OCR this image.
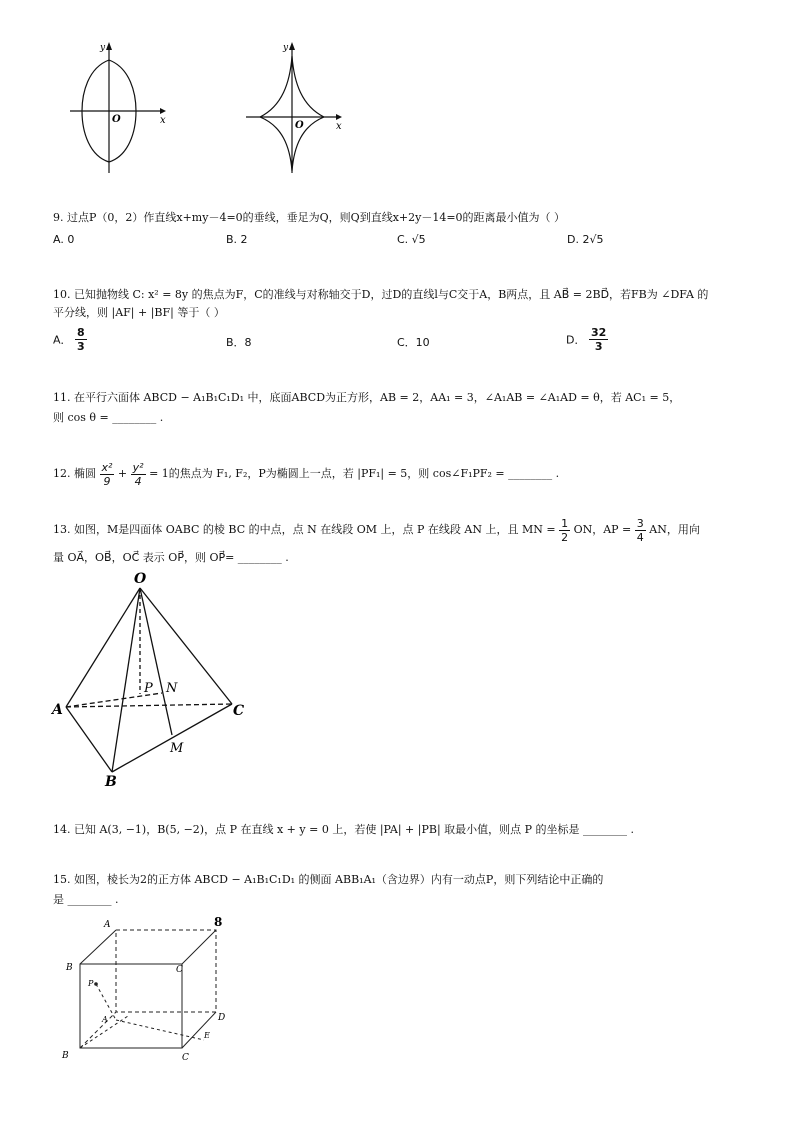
x
y
O
x
y
O
9. 过点P（0，2）作直线x+my－4=0的垂线，垂足为Q，则Q到直线x+2y－14=0的距离最小值为（ ）
A. 0	B. 2	C. √5	D. 2√5
10. 已知抛物线 C: x² = 8y 的焦点为F，C的准线与对称轴交于D，过D的直线l与C交于A，B两点，且 AB⃗ = 2BD⃗，若FB为 ∠DFA 的
平分线，则 |AF| + |BF| 等于（ ）
A． $\frac{8}{3}$	B．8	C．10	D． $\frac{32}{3}$
11. 在平行六面体 ABCD − A₁B₁C₁D₁ 中，底面ABCD为正方形，AB = 2，AA₁ = 3，∠A₁AB = ∠A₁AD = θ，若 AC₁ = 5，
则 cos θ = ________ .
12. 椭圆 $\frac{\text{x²}}{9} + \frac{\text{y²}}{4} = 1$的焦点为 F₁, F₂，P为椭圆上一点，若 |PF₁| = 5，则 cos∠F₁PF₂ = ________ .
13. 如图，M是四面体 OABC 的棱 BC 的中点，点 N 在线段 OM 上，点 P 在线段 AN 上，且 MN = $\frac{1}{2}$ ON，AP = $\frac{3}{4}$ AN，用向
量 OA⃗，OB⃗，OC⃗ 表示 OP⃗，则 OP⃗= ________ .
O
A
B
C
M
N
P
14. 已知 A(3, −1)，B(5, −2)，点 P 在直线 x + y = 0 上，若使 |PA| + |PB| 取最小值，则点 P 的坐标是 ________ .
15. 如图，棱长为2的正方体 ABCD − A₁B₁C₁D₁ 的侧面 ABB₁A₁（含边界）内有一动点P，则下列结论中正确的
是 ________ .
B
A
C
8
D
B	C
E
P
A
